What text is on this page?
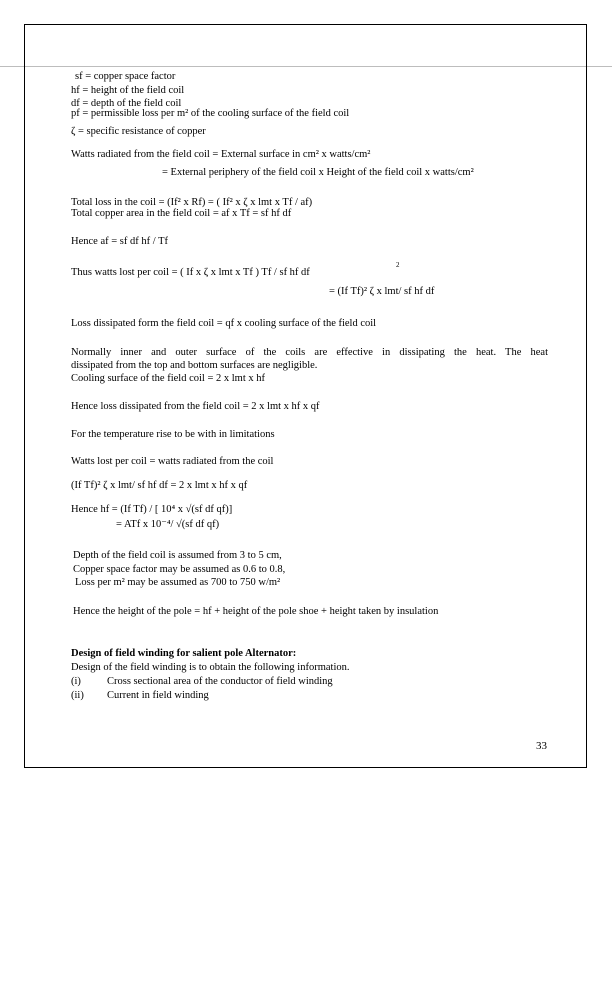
sf = copper space factor
hf = height of the field coil
df = depth of the field coil
pf = permissible loss per m² of the cooling surface of the field coil
ζ = specific resistance of copper
Watts radiated from the field coil = External surface in cm² x watts/cm²
= External periphery of the field coil x Height of the field coil x watts/cm²
Total loss in the coil = (If² x Rf) = ( If² x ζ x lmt x Tf / af)
Total copper area in the field coil = af x Tf = sf hf df
Hence af = sf df hf / Tf
Thus watts lost per coil = ( If x ζ x lmt x Tf ) Tf / sf hf df
2
= (If Tf)² ζ x lmt/ sf hf df
Loss dissipated form the field coil = qf x cooling surface of the field coil
Normally inner and outer surface of the coils are effective in dissipating the heat. The heat
dissipated from the top and bottom surfaces are negligible.
Cooling surface of the field coil = 2 x lmt x hf
Hence loss dissipated from the field coil = 2 x lmt x hf x qf
For the temperature rise to be with in limitations
Watts lost per coil = watts radiated from the coil
(If Tf)² ζ x lmt/ sf hf df = 2 x lmt x hf x qf
Hence hf = (If Tf) / [ 10⁴ x √(sf df qf)]
= ATf x 10⁻⁴/ √(sf df qf)
Depth of the field coil is assumed from 3 to 5 cm,
Copper space factor may be assumed as 0.6 to 0.8,
Loss per m² may be assumed as 700 to 750 w/m²
Hence the height of the pole = hf + height of the pole shoe + height taken by insulation
Design of field winding for salient pole Alternator:
Design of the field winding is to obtain the following information.
(i) Cross sectional area of the conductor of field winding
(ii) Current in field winding
33
